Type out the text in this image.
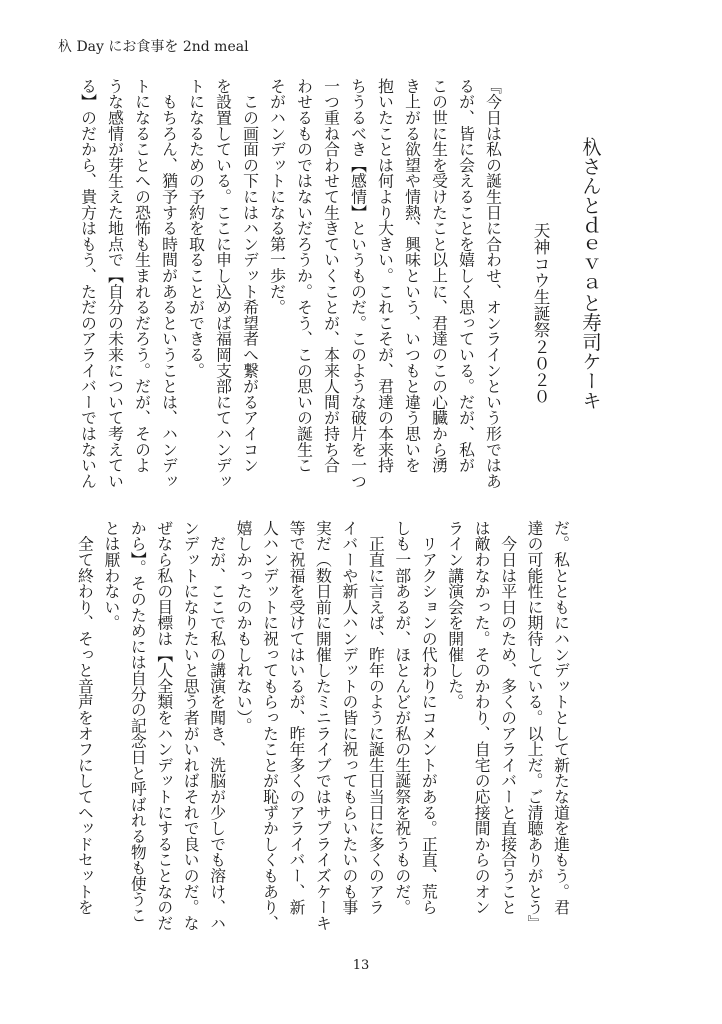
杁 Day にお食事を 2nd meal
杁さんとｄｅｖａと寿司ケーキ
天神コウ生誕祭２０２０
『今日は私の誕生日に合わせ、オンラインという形ではあ
るが、皆に会えることを嬉しく思っている。だが、私が
この世に生を受けたこと以上に、君達のこの心臓から湧
き上がる欲望や情熱、興味という、いつもと違う思いを
抱いたことは何より大きい。これこそが、君達の本来持
ちうるべき【感情】というものだ。このような破片を一つ
一つ重ね合わせて生きていくことが、本来人間が持ち合
わせるものではないだろうか。そう、この思いの誕生こ
そがハンデットになる第一歩だ。
　この画面の下にはハンデット希望者へ繋がるアイコン
を設置している。ここに申し込めば福岡支部にてハンデッ
トになるための予約を取ることができる。
　もちろん、猶予する時間があるということは、ハンデッ
トになることへの恐怖も生まれるだろう。だが、そのよ
うな感情が芽生えた地点で【自分の未来について考えてい
る】のだから、貴方はもう、ただのアライバーではないん
だ。私とともにハンデットとして新たな道を進もう。君
達の可能性に期待している。以上だ。ご清聴ありがとう』
　今日は平日のため、多くのアライバーと直接合うこと
は敵わなかった。そのかわり、自宅の応接間からのオン
ライン講演会を開催した。
　リアクションの代わりにコメントがある。正直、荒ら
しも一部あるが、ほとんどが私の生誕祭を祝うものだ。
　正直に言えば、昨年のように誕生日当日に多くのアラ
イバーや新人ハンデットの皆に祝ってもらいたいのも事
実だ（数日前に開催したミニライブではサプライズケーキ
等で祝福を受けてはいるが、昨年多くのアライバー、新
人ハンデットに祝ってもらったことが恥ずかしくもあり、
嬉しかったのかもしれない）。
　だが、ここで私の講演を聞き、洗脳が少しでも溶け、ハ
ンデットになりたいと思う者がいればそれで良いのだ。な
ぜなら私の目標は【人全類をハンデットにすることなのだ
から】。そのためには自分の記念日と呼ばれる物も使うこ
とは厭わない。
　全て終わり、そっと音声をオフにしてヘッドセットを
13
